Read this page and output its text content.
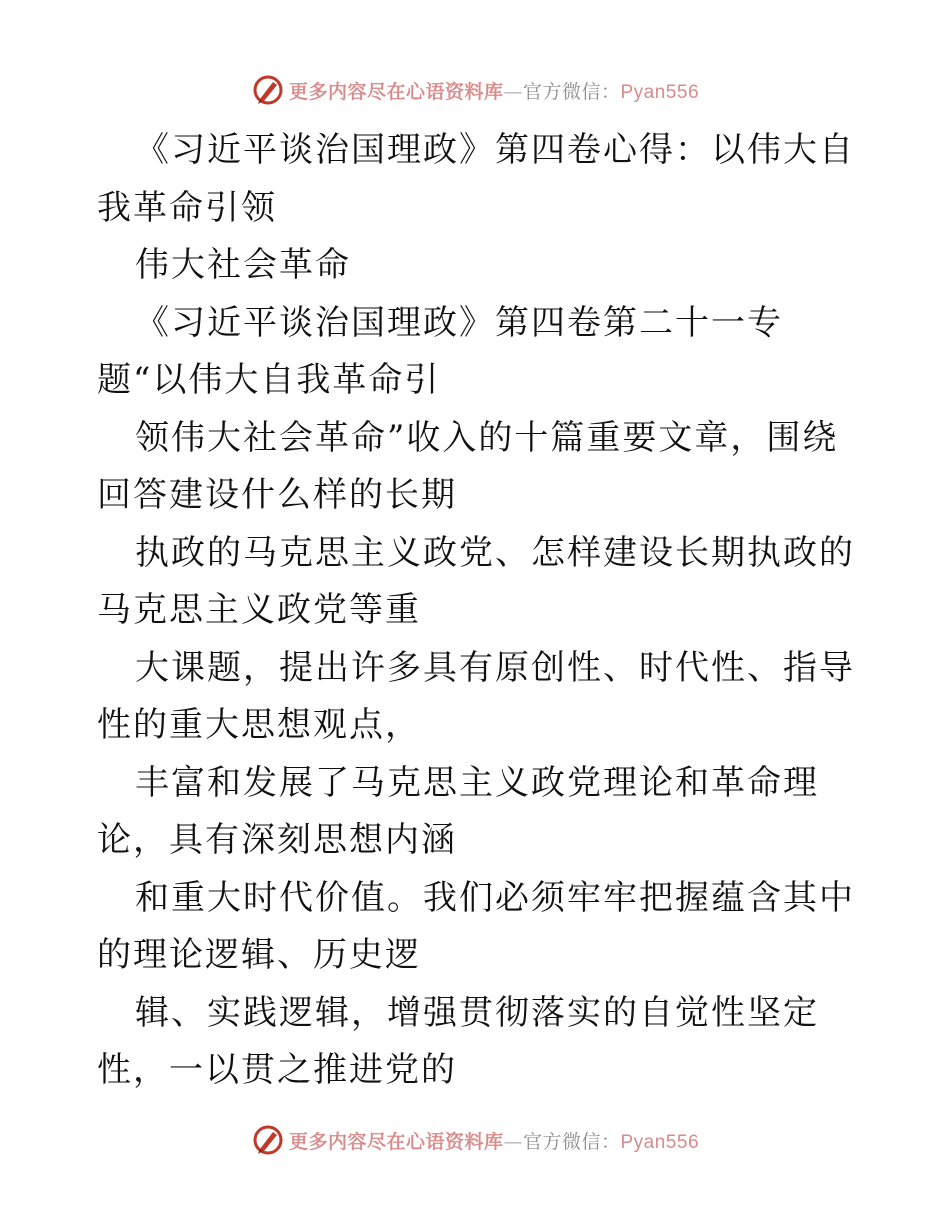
更多内容尽在心语资料库—官方微信：Pyan556

《习近平谈治国理政》第四卷心得：以伟大自我革命引领

伟大社会革命

《习近平谈治国理政》第四卷第二十一专题“以伟大自我革命引

领伟大社会革命”收入的十篇重要文章，围绕回答建设什么样的长期

执政的马克思主义政党、怎样建设长期执政的马克思主义政党等重

大课题，提出许多具有原创性、时代性、指导性的重大思想观点，

丰富和发展了马克思主义政党理论和革命理论，具有深刻思想内涵

和重大时代价值。我们必须牢牢把握蕴含其中的理论逻辑、历史逻

辑、实践逻辑，增强贯彻落实的自觉性坚定性，一以贯之推进党的

更多内容尽在心语资料库—官方微信：Pyan556
